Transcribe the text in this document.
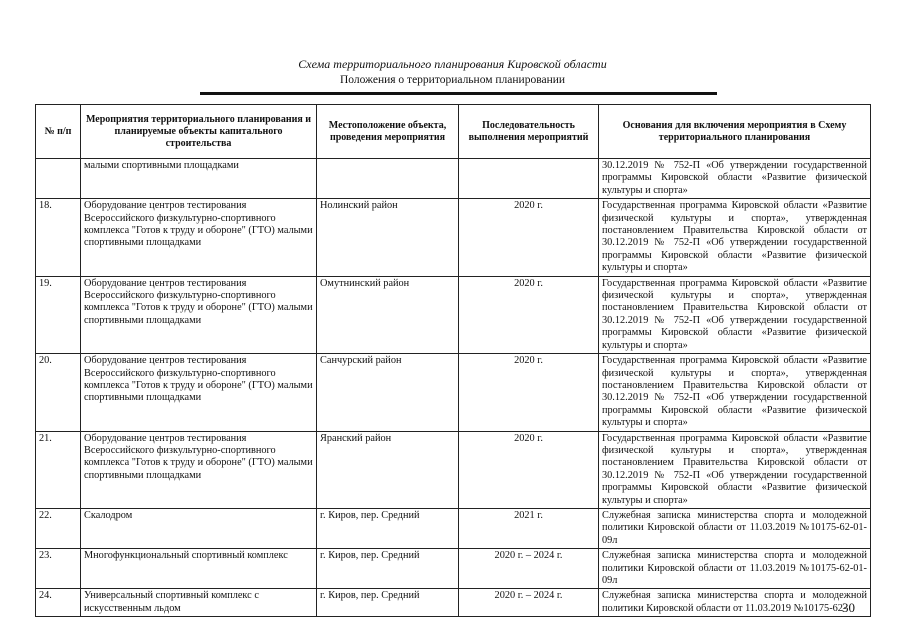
Схема территориального планирования Кировской области
Положения о территориальном планировании
№ п/п	Мероприятия территориального планирования и планируемые объекты капитального строительства	Местоположение объекта, проведения мероприятия	Последовательность выполнения мероприятий	Основания для включения мероприятия в Схему территориального планирования
	малыми спортивными площадками			30.12.2019 № 752-П «Об утверждении государственной программы Кировской области «Развитие физической культуры и спорта»
18.	Оборудование центров тестирования Всероссийского физкультурно-спортивного комплекса "Готов к труду и обороне" (ГТО) малыми спортивными площадками	Нолинский район	2020 г.	Государственная программа Кировской области «Развитие физической культуры и спорта», утвержденная постановлением Правительства Кировской области от 30.12.2019 № 752-П «Об утверждении государственной программы Кировской области «Развитие физической культуры и спорта»
19.	Оборудование центров тестирования Всероссийского физкультурно-спортивного комплекса "Готов к труду и обороне" (ГТО) малыми спортивными площадками	Омутнинский район	2020 г.	Государственная программа Кировской области «Развитие физической культуры и спорта», утвержденная постановлением Правительства Кировской области от 30.12.2019 № 752-П «Об утверждении государственной программы Кировской области «Развитие физической культуры и спорта»
20.	Оборудование центров тестирования Всероссийского физкультурно-спортивного комплекса "Готов к труду и обороне" (ГТО) малыми спортивными площадками	Санчурский район	2020 г.	Государственная программа Кировской области «Развитие физической культуры и спорта», утвержденная постановлением Правительства Кировской области от 30.12.2019 № 752-П «Об утверждении государственной программы Кировской области «Развитие физической культуры и спорта»
21.	Оборудование центров тестирования Всероссийского физкультурно-спортивного комплекса "Готов к труду и обороне" (ГТО) малыми спортивными площадками	Яранский район	2020 г.	Государственная программа Кировской области «Развитие физической культуры и спорта», утвержденная постановлением Правительства Кировской области от 30.12.2019 № 752-П «Об утверждении государственной программы Кировской области «Развитие физической культуры и спорта»
22.	Скалодром	г. Киров, пер. Средний	2021 г.	Служебная записка министерства спорта и молодежной политики Кировской области от 11.03.2019 №10175-62-01-09л
23.	Многофункциональный спортивный комплекс	г. Киров, пер. Средний	2020 г. – 2024 г.	Служебная записка министерства спорта и молодежной политики Кировской области от 11.03.2019 №10175-62-01-09л
24.	Универсальный спортивный комплекс с искусственным льдом	г. Киров, пер. Средний	2020 г. – 2024 г.	Служебная записка министерства спорта и молодежной политики Кировской области от 11.03.2019 №10175-62-
30
